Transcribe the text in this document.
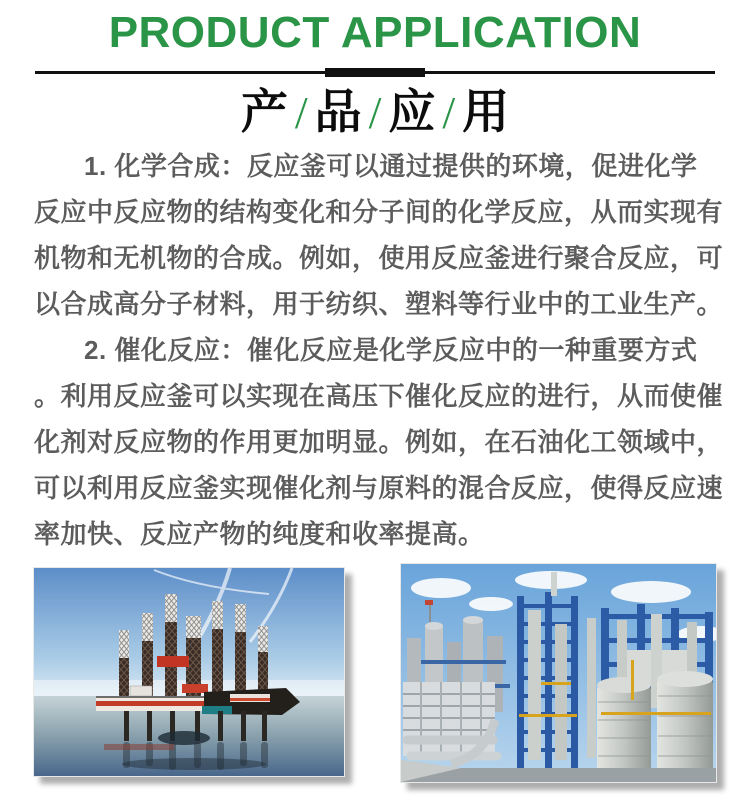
PRODUCT APPLICATION
产 / 品 / 应 / 用
1. 化学合成：反应釜可以通过提供的环境，促进化学
反应中反应物的结构变化和分子间的化学反应，从而实现有
机物和无机物的合成。例如，使用反应釜进行聚合反应，可
以合成高分子材料，用于纺织、塑料等行业中的工业生产。
2. 催化反应：催化反应是化学反应中的一种重要方式
。利用反应釜可以实现在高压下催化反应的进行，从而使催
化剂对反应物的作用更加明显。例如，在石油化工领域中，
可以利用反应釜实现催化剂与原料的混合反应，使得反应速
率加快、反应产物的纯度和收率提高。
